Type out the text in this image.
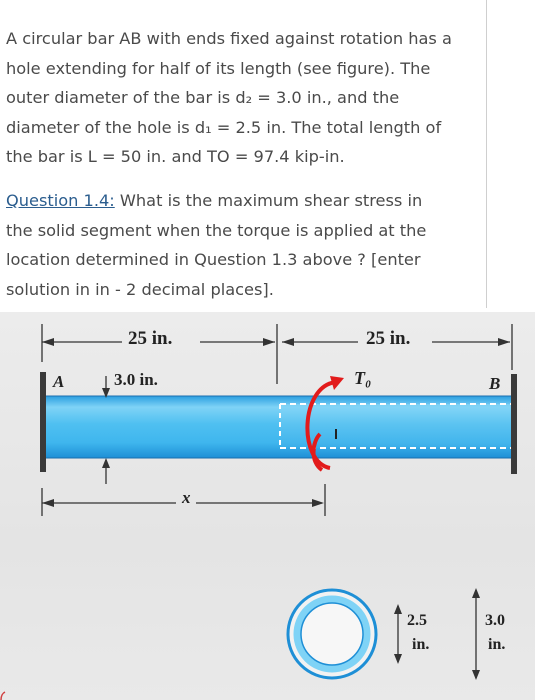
A circular bar AB with ends fixed against rotation has a
hole extending for half of its length (see figure). The
outer diameter of the bar is d₂ = 3.0 in., and the
diameter of the hole is d₁ = 2.5 in. The total length of
the bar is L = 50 in. and TO = 97.4 kip-in.

Question 1.4: What is the maximum shear stress in
the solid segment when the torque is applied at the
location determined in Question 1.3 above ? [enter
solution in in - 2 decimal places].

25 in.	25 in.
3.0 in.
A	B
T₀
x
2.5
in.
3.0
in.
